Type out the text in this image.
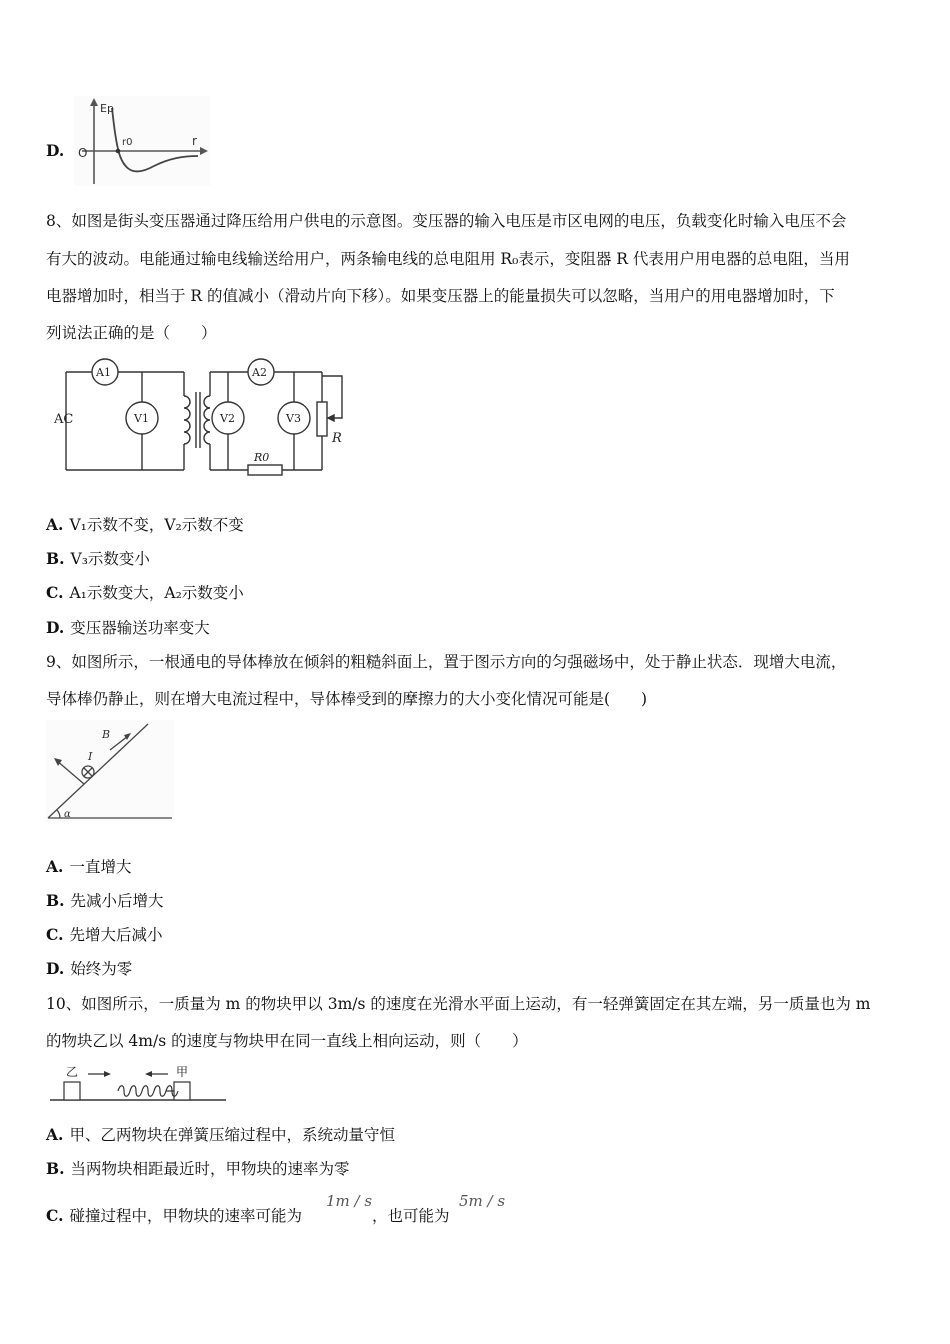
D.
Ep
O
r0	r
8、如图是街头变压器通过降压给用户供电的示意图。变压器的输入电压是市区电网的电压，负载变化时输入电压不会
有大的波动。电能通过输电线输送给用户，两条输电线的总电阻用 R₀表示，变阻器 R 代表用户用电器的总电阻，当用
电器增加时，相当于 R 的值减小（滑动片向下移）。如果变压器上的能量损失可以忽略，当用户的用电器增加时，下
列说法正确的是（　　）
AC
A1
V1
A2
V2	V3
R0
R
A. V₁示数不变，V₂示数不变
B. V₃示数变小
C. A₁示数变大，A₂示数变小
D. 变压器输送功率变大
9、如图所示，一根通电的导体棒放在倾斜的粗糙斜面上，置于图示方向的匀强磁场中，处于静止状态．现增大电流，
导体棒仍静止，则在增大电流过程中，导体棒受到的摩擦力的大小变化情况可能是(　　)
B
I
α
A. 一直增大
B. 先减小后增大
C. 先增大后减小
D. 始终为零
10、如图所示，一质量为 m 的物块甲以 3m/s 的速度在光滑水平面上运动，有一轻弹簧固定在其左端，另一质量也为 m
的物块乙以 4m/s 的速度与物块甲在同一直线上相向运动，则（　　）
乙	甲
A. 甲、乙两物块在弹簧压缩过程中，系统动量守恒
B. 当两物块相距最近时，甲物块的速率为零
C. 碰撞过程中，甲物块的速率可能为
1m / s
，也可能为
5m / s
